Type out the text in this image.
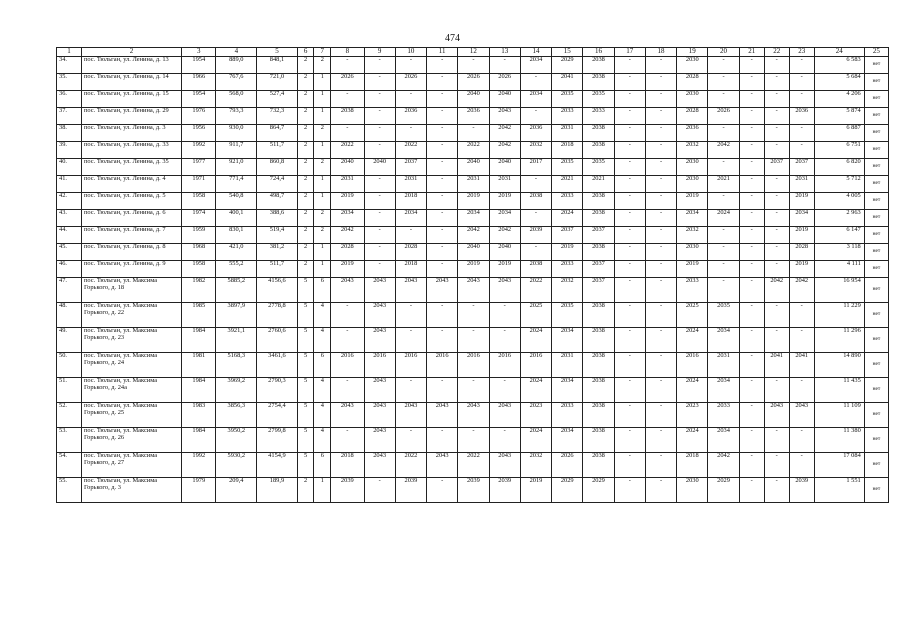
474
1	2	3	4	5	6	7	8	9	10	11	12	13	14	15	16	17	18	19	20	21	22	23	24	25
34.	пос. Тюльган, ул. Ленина, д. 13	1954	889,0	848,1	2	2	-	-	-	-	-	-	2034	2029	2038	-	-	2030	-	-	-	-	6 583	нет
35.	пос. Тюльган, ул. Ленина, д. 14	1966	767,6	721,0	2	1	2026	-	2026	-	2026	2026	-	2041	2038	-	-	2028	-	-	-	-	5 684	нет
36.	пос. Тюльган, ул. Ленина, д. 15	1954	568,0	527,4	2	1	-	-	-	-	2040	2040	2034	2035	2035	-	-	2030	-	-	-	-	4 206	нет
37.	пос. Тюльган, ул. Ленина, д. 29	1976	793,3	732,3	2	1	2038	-	2036	-	2036	2043	-	2033	2033	-	-	2028	2026	-	-	2036	5 874	нет
38.	пос. Тюльган, ул. Ленина, д. 3	1956	930,0	864,7	2	2	-	-	-	-	-	2042	2036	2031	2038	-	-	2036	-	-	-	-	6 887	нет
39.	пос. Тюльган, ул. Ленина, д. 33	1992	911,7	511,7	2	1	2022	-	2022	-	2022	2042	2032	2018	2038	-	-	2032	2042	-	-	-	6 751	нет
40.	пос. Тюльган, ул. Ленина, д. 35	1977	921,0	860,8	2	2	2040	2040	2037	-	2040	2040	2017	2035	2035	-	-	2030	-	-	2037	2037	6 820	нет
41.	пос. Тюльган, ул. Ленина, д. 4	1971	771,4	724,4	2	1	2031	-	2031	-	2031	2031	-	2021	2021	-	-	2030	2021	-	-	2031	5 712	нет
42.	пос. Тюльган, ул. Ленина, д. 5	1958	540,8	498,7	2	1	2019	-	2018	-	2019	2019	2038	2033	2038	-	-	2019	-	-	-	2019	4 005	нет
43.	пос. Тюльган, ул. Ленина, д. 6	1974	400,1	388,6	2	2	2034	-	2034	-	2034	2034	-	2024	2038	-	-	2034	2024	-	-	2034	2 963	нет
44.	пос. Тюльган, ул. Ленина, д. 7	1959	830,1	519,4	2	2	2042	-	-	-	2042	2042	2039	2037	2037	-	-	2032	-	-	-	2019	6 147	нет
45.	пос. Тюльган, ул. Ленина, д. 8	1968	421,0	381,2	2	1	2028	-	2028	-	2040	2040	-	2019	2038	-	-	2030	-	-	-	2028	3 118	нет
46.	пос. Тюльган, ул. Ленина, д. 9	1958	555,2	511,7	2	1	2019	-	2018	-	2019	2019	2038	2033	2037	-	-	2019	-	-	-	2019	4 111	нет
47.	пос. Тюльган, ул. Максима Горького, д. 18	1982	5885,2	4156,6	5	6	2043	2043	2043	2043	2043	2043	2022	2032	2037	-	-	2033	-	-	2042	2042	16 954	нет
48.	пос. Тюльган, ул. Максима Горького, д. 22	1985	3897,9	2778,8	5	4	-	2043	-	-	-	-	2025	2035	2038	-	-	2025	2035	-	-	-	11 229	нет
49.	пос. Тюльган, ул. Максима Горького, д. 23	1984	3921,1	2760,6	5	4	-	2043	-	-	-	-	2024	2034	2038	-	-	2024	2034	-	-	-	11 296	нет
50.	пос. Тюльган, ул. Максима Горького, д. 24	1981	5168,3	3461,6	5	6	2016	2016	2016	2016	2016	2016	2016	2031	2038	-	-	2016	2031	-	2041	2041	14 890	нет
51.	пос. Тюльган, ул. Максима Горького, д. 24а	1984	3969,2	2790,3	5	4	-	2043	-	-	-	-	2024	2034	2038	-	-	2024	2034	-	-	-	11 435	нет
52.	пос. Тюльган, ул. Максима Горького, д. 25	1983	3856,3	2754,4	5	4	2043	2043	2043	2043	2043	2043	2023	2033	2038	-	-	2023	2033	-	2043	2043	11 109	нет
53.	пос. Тюльган, ул. Максима Горького, д. 26	1984	3950,2	2799,8	5	4	-	2043	-	-	-	-	2024	2034	2038	-	-	2024	2034	-	-	-	11 380	нет
54.	пос. Тюльган, ул. Максима Горького, д. 27	1992	5930,2	4154,9	5	6	2018	2043	2022	2043	2022	2043	2032	2026	2038	-	-	2018	2042	-	-	-	17 084	нет
55.	пос. Тюльган, ул. Максима Горького, д. 3	1979	209,4	189,9	2	1	2039	-	2039	-	2039	2039	2019	2029	2029	-	-	2030	2029	-	-	2039	1 551	нет
